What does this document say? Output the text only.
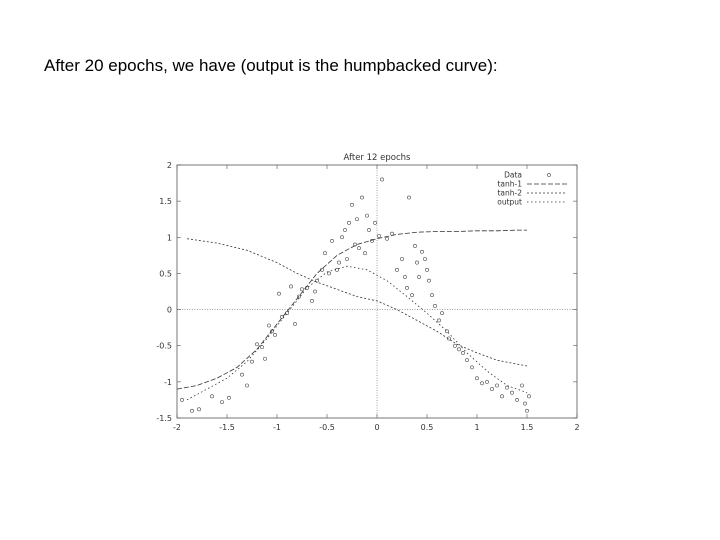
After 20 epochs, we have (output is the humpbacked curve):
-2	-1.5	-1	-0.5	0	0.5	1	1.5	2
-1.5
-1
-0.5
0
0.5
1
1.5
2
Data
tanh-1
tanh-2
output
After 12 epochs
